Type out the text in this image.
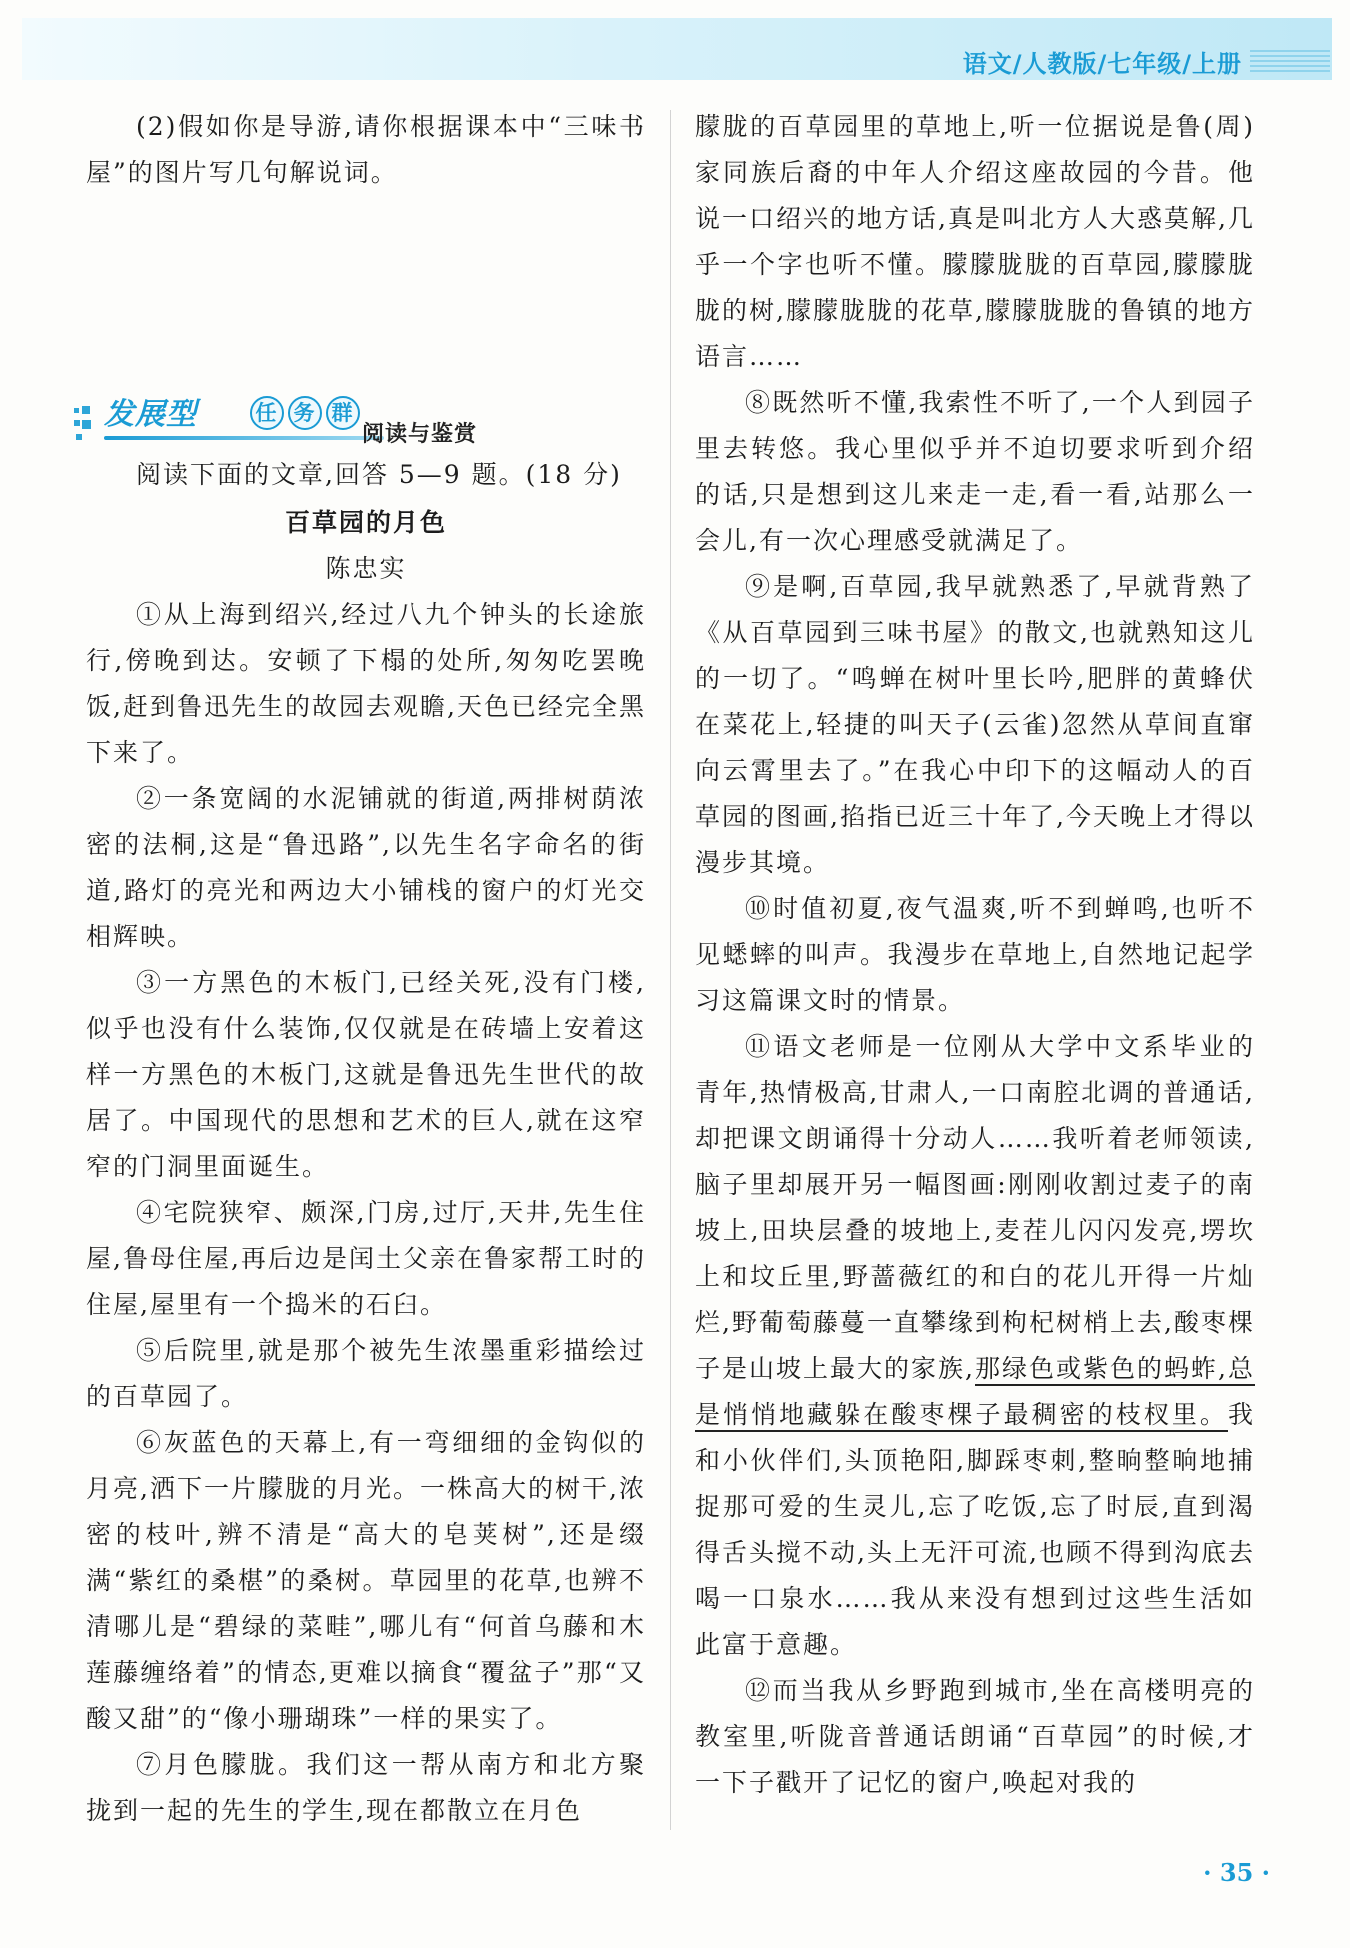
语文/人教版/七年级/上册

(2)假如你是导游,请你根据课本中“三味书屋”的图片写几句解说词。

发展型	任 务 群
阅读与鉴赏

阅读下面的文章,回答 5—9 题。(18 分)

百草园的月色

陈忠实

①从上海到绍兴,经过八九个钟头的长途旅行,傍晚到达。安顿了下榻的处所,匆匆吃罢晚饭,赶到鲁迅先生的故园去观瞻,天色已经完全黑下来了。

②一条宽阔的水泥铺就的街道,两排树荫浓密的法桐,这是“鲁迅路”,以先生名字命名的街道,路灯的亮光和两边大小铺栈的窗户的灯光交相辉映。

③一方黑色的木板门,已经关死,没有门楼,似乎也没有什么装饰,仅仅就是在砖墙上安着这样一方黑色的木板门,这就是鲁迅先生世代的故居了。中国现代的思想和艺术的巨人,就在这窄窄的门洞里面诞生。

④宅院狭窄、颇深,门房,过厅,天井,先生住屋,鲁母住屋,再后边是闰土父亲在鲁家帮工时的住屋,屋里有一个捣米的石臼。

⑤后院里,就是那个被先生浓墨重彩描绘过的百草园了。

⑥灰蓝色的天幕上,有一弯细细的金钩似的月亮,洒下一片朦胧的月光。一株高大的树干,浓密的枝叶,辨不清是“高大的皂荚树”,还是缀满“紫红的桑椹”的桑树。草园里的花草,也辨不清哪儿是“碧绿的菜畦”,哪儿有“何首乌藤和木莲藤缠络着”的情态,更难以摘食“覆盆子”那“又酸又甜”的“像小珊瑚珠”一样的果实了。

⑦月色朦胧。我们这一帮从南方和北方聚拢到一起的先生的学生,现在都散立在月色

朦胧的百草园里的草地上,听一位据说是鲁(周)家同族后裔的中年人介绍这座故园的今昔。他说一口绍兴的地方话,真是叫北方人大惑莫解,几乎一个字也听不懂。朦朦胧胧的百草园,朦朦胧胧的树,朦朦胧胧的花草,朦朦胧胧的鲁镇的地方语言……

⑧既然听不懂,我索性不听了,一个人到园子里去转悠。我心里似乎并不迫切要求听到介绍的话,只是想到这儿来走一走,看一看,站那么一会儿,有一次心理感受就满足了。

⑨是啊,百草园,我早就熟悉了,早就背熟了《从百草园到三味书屋》的散文,也就熟知这儿的一切了。“鸣蝉在树叶里长吟,肥胖的黄蜂伏在菜花上,轻捷的叫天子(云雀)忽然从草间直窜向云霄里去了。”在我心中印下的这幅动人的百草园的图画,掐指已近三十年了,今天晚上才得以漫步其境。

⑩时值初夏,夜气温爽,听不到蝉鸣,也听不见蟋蟀的叫声。我漫步在草地上,自然地记起学习这篇课文时的情景。

⑪语文老师是一位刚从大学中文系毕业的青年,热情极高,甘肃人,一口南腔北调的普通话,却把课文朗诵得十分动人……我听着老师领读,脑子里却展开另一幅图画:刚刚收割过麦子的南坡上,田块层叠的坡地上,麦茬儿闪闪发亮,塄坎上和坟丘里,野蔷薇红的和白的花儿开得一片灿烂,野葡萄藤蔓一直攀缘到枸杞树梢上去,酸枣棵子是山坡上最大的家族,那绿色或紫色的蚂蚱,总是悄悄地藏躲在酸枣棵子最稠密的枝杈里。我和小伙伴们,头顶艳阳,脚踩枣刺,整晌整晌地捕捉那可爱的生灵儿,忘了吃饭,忘了时辰,直到渴得舌头搅不动,头上无汗可流,也顾不得到沟底去喝一口泉水……我从来没有想到过这些生活如此富于意趣。

⑫而当我从乡野跑到城市,坐在高楼明亮的教室里,听陇音普通话朗诵“百草园”的时候,才一下子戳开了记忆的窗户,唤起对我的

· 35 ·
